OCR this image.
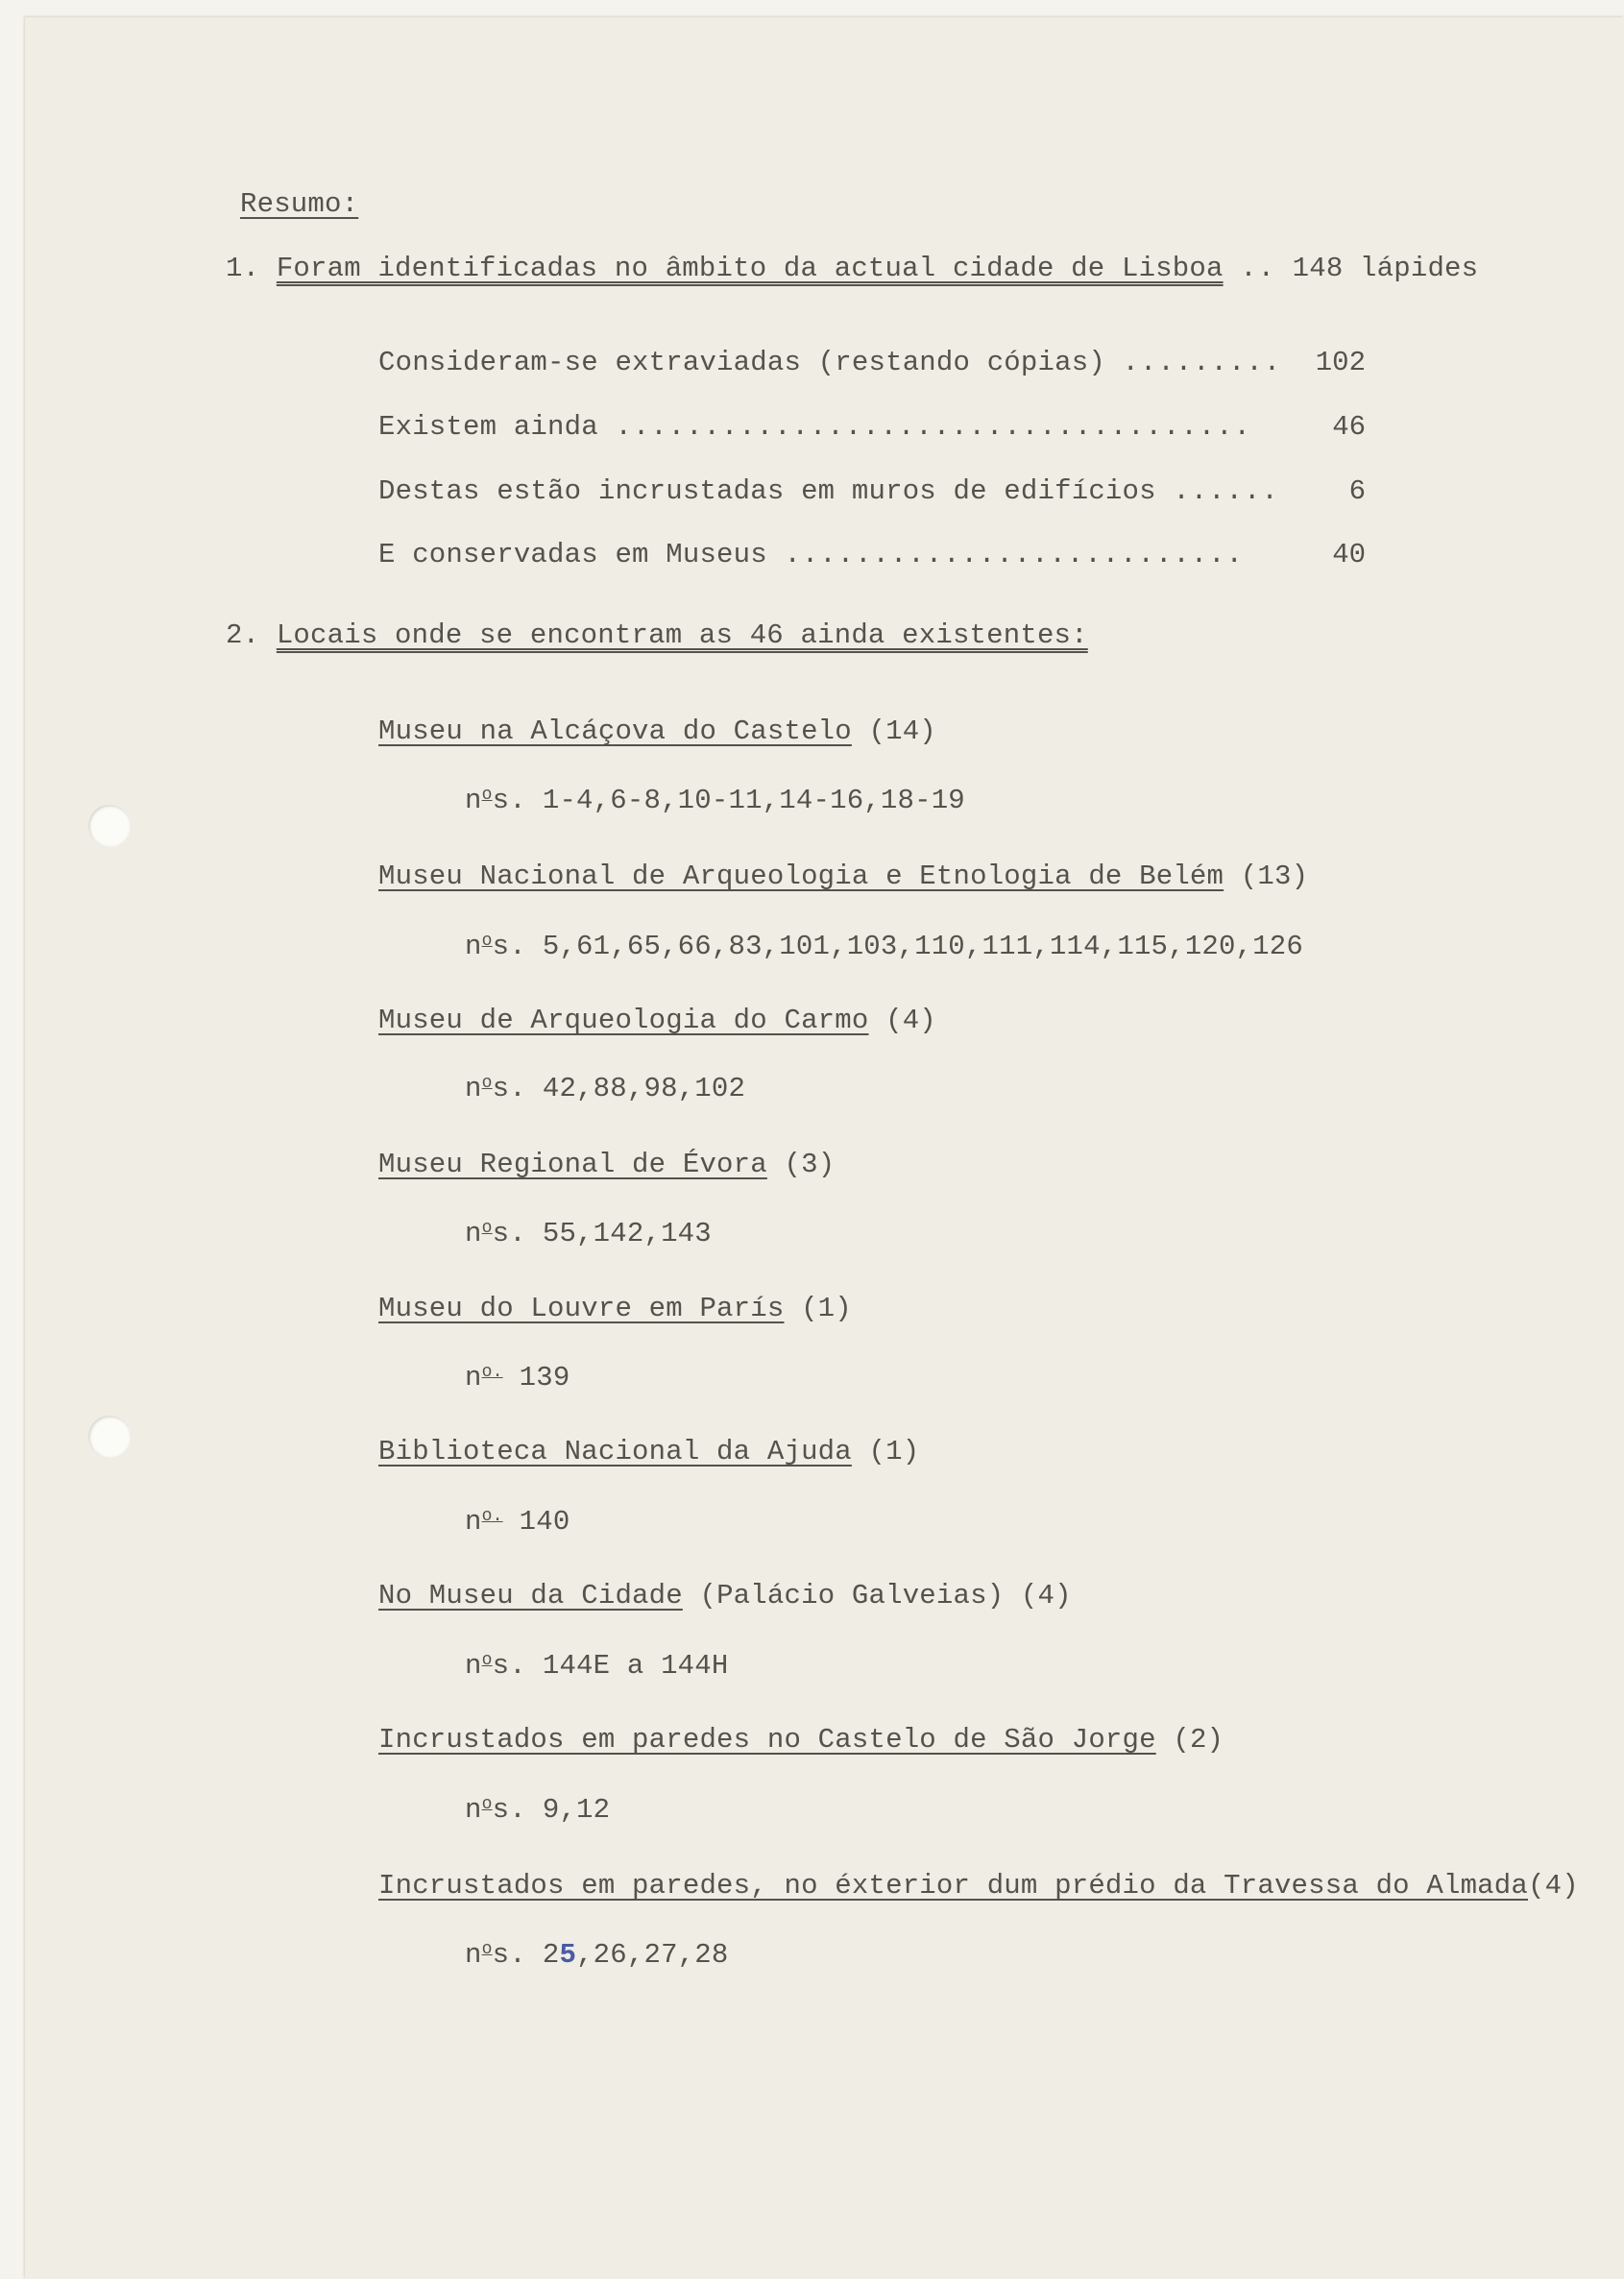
Resumo:
1. Foram identificadas no âmbito da actual cidade de Lisboa .. 148 lápides
Consideram-se extraviadas (restando cópias) .........	102
Existem ainda ....................................	46
Destas estão incrustadas em muros de edifícios ......	6
E conservadas em Museus ..........................	40
2. Locais onde se encontram as 46 ainda existentes:
Museu na Alcáçova do Castelo (14)
nos. 1-4,6-8,10-11,14-16,18-19
Museu Nacional de Arqueologia e Etnologia de Belém (13)
nos. 5,61,65,66,83,101,103,110,111,114,115,120,126
Museu de Arqueologia do Carmo (4)
nos. 42,88,98,102
Museu Regional de Évora (3)
nos. 55,142,143
Museu do Louvre em París (1)
no. 139
Biblioteca Nacional da Ajuda (1)
no. 140
No Museu da Cidade (Palácio Galveias) (4)
nos. 144E a 144H
Incrustados em paredes no Castelo de São Jorge (2)
nos. 9,12
Incrustados em paredes, no éxterior dum prédio da Travessa do Almada(4)
nos. 25,26,27,28
